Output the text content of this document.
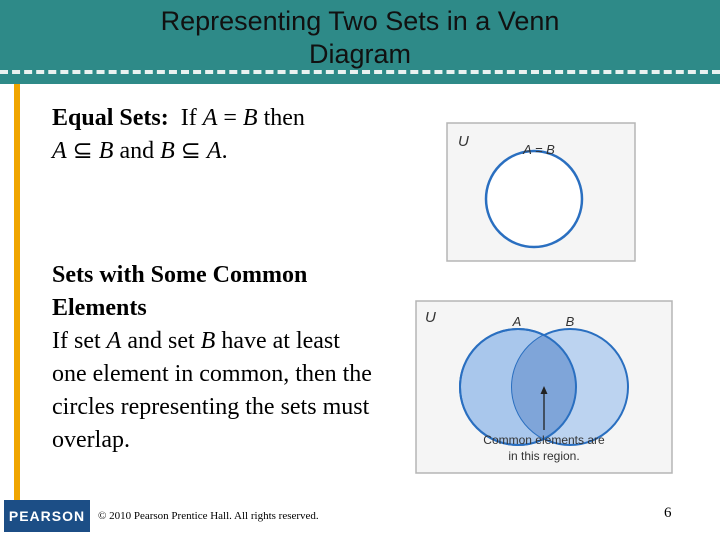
Representing Two Sets in a Venn
Diagram
Equal Sets: If A = B then
A ⊆ B and B ⊆ A.
Sets with Some Common Elements
If set A and set B have at least one element in common, then the circles representing the sets must overlap.
U	A = B
U	A	B
Common elements are
in this region.
PEARSON	© 2010 Pearson Prentice Hall. All rights reserved.	6
